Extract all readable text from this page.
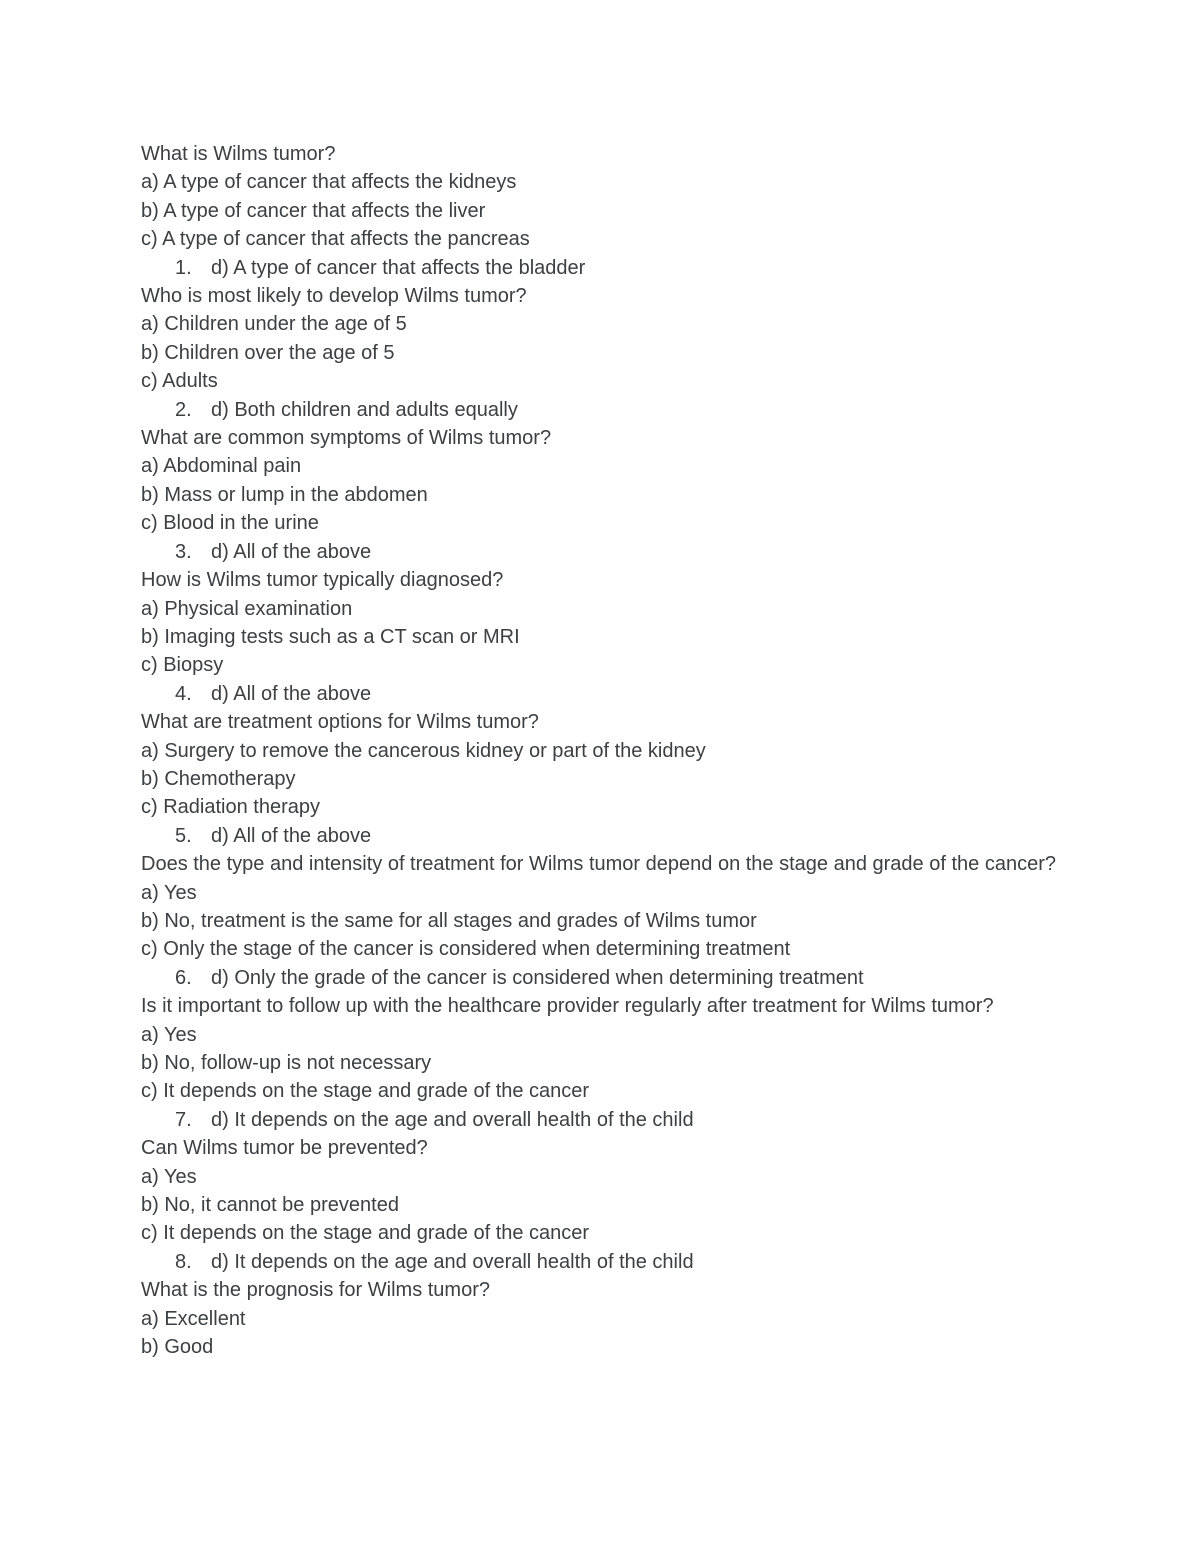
What is Wilms tumor?
a) A type of cancer that affects the kidneys
b) A type of cancer that affects the liver
c) A type of cancer that affects the pancreas
1. d) A type of cancer that affects the bladder
Who is most likely to develop Wilms tumor?
a) Children under the age of 5
b) Children over the age of 5
c) Adults
2. d) Both children and adults equally
What are common symptoms of Wilms tumor?
a) Abdominal pain
b) Mass or lump in the abdomen
c) Blood in the urine
3. d) All of the above
How is Wilms tumor typically diagnosed?
a) Physical examination
b) Imaging tests such as a CT scan or MRI
c) Biopsy
4. d) All of the above
What are treatment options for Wilms tumor?
a) Surgery to remove the cancerous kidney or part of the kidney
b) Chemotherapy
c) Radiation therapy
5. d) All of the above
Does the type and intensity of treatment for Wilms tumor depend on the stage and grade of the cancer?
a) Yes
b) No, treatment is the same for all stages and grades of Wilms tumor
c) Only the stage of the cancer is considered when determining treatment
6. d) Only the grade of the cancer is considered when determining treatment
Is it important to follow up with the healthcare provider regularly after treatment for Wilms tumor?
a) Yes
b) No, follow-up is not necessary
c) It depends on the stage and grade of the cancer
7. d) It depends on the age and overall health of the child
Can Wilms tumor be prevented?
a) Yes
b) No, it cannot be prevented
c) It depends on the stage and grade of the cancer
8. d) It depends on the age and overall health of the child
What is the prognosis for Wilms tumor?
a) Excellent
b) Good
